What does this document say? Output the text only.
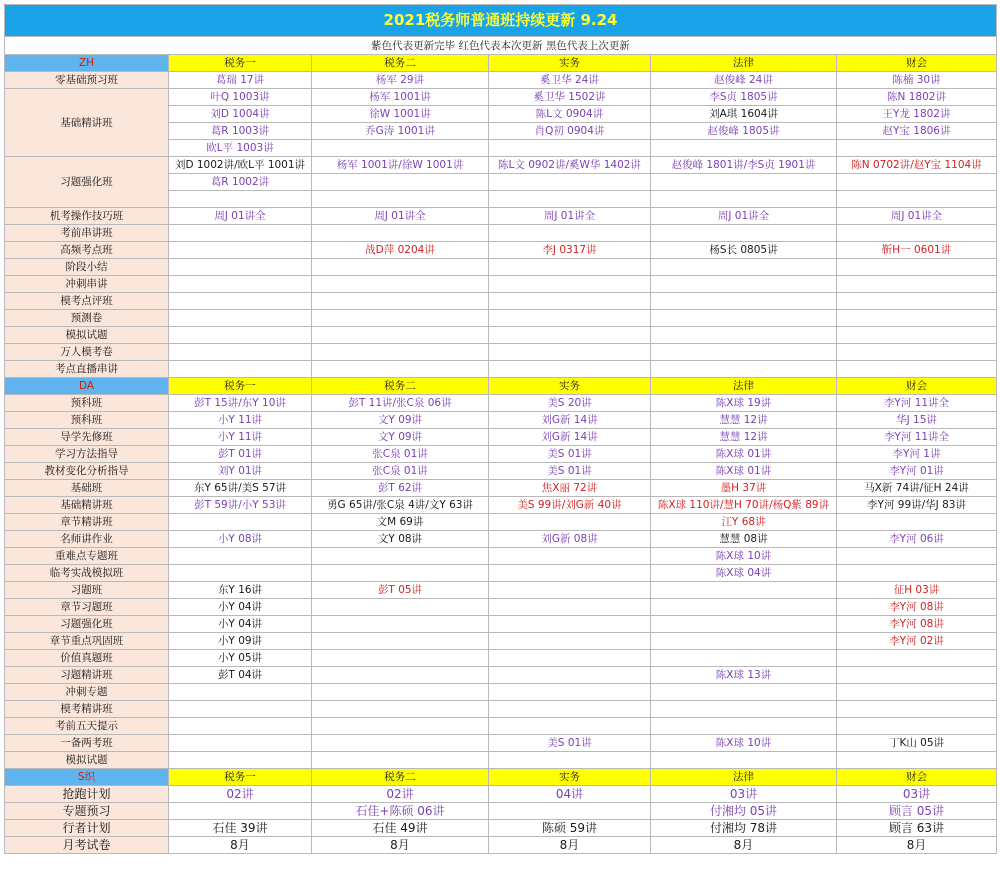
2021税务师普通班持续更新 9.24					
紫色代表更新完毕 红色代表本次更新 黑色代表上次更新					
ZH	税务一	税务二	实务	法律	财会
零基础预习班	葛瑞 17讲	杨军 29讲	奚卫华 24讲	赵俊峰 24讲	陈楠 30讲
基础精讲班	叶Q 1003讲	杨军 1001讲	奚卫华 1502讲	李S贞 1805讲	陈N 1802讲
	刘D 1004讲	徐W 1001讲	陈L文 0904讲	刘A琪 1604讲	王Y龙 1802讲
	葛R 1003讲	乔G涛 1001讲	肖Q初 0904讲	赵俊峰 1805讲	赵Y宝 1806讲
	欧L平 1003讲				
习题强化班	刘D 1002讲/欧L平 1001讲	杨军 1001讲/徐W 1001讲	陈L文 0902讲/奚W华 1402讲	赵俊峰 1801讲/李S贞 1901讲	陈N 0702讲/赵Y宝 1104讲
	葛R 1002讲				

机考操作技巧班	周J 01讲全	周J 01讲全	周J 01讲全	周J 01讲全	周J 01讲全
考前串讲班					
高频考点班		战D萍 0204讲	李J 0317讲	杨S长 0805讲	靳H一 0601讲
阶段小结					
冲刺串讲					
模考点评班					
预测卷					
模拟试题					
万人模考卷					
考点直播串讲					
DA	税务一	税务二	实务	法律	财会
预科班	彭T 15讲/东Y 10讲	彭T 11讲/张C泉 06讲	美S 20讲	陈X球 19讲	李Y河 11讲全
预科班	小Y 11讲	文Y 09讲	刘G新 14讲	慧慧 12讲	华J 15讲
导学先修班	小Y 11讲	文Y 09讲	刘G新 14讲	慧慧 12讲	李Y河 11讲全
学习方法指导	彭T 01讲	张C泉 01讲	美S 01讲	陈X球 01讲	李Y河 1讲
教材变化分析指导	刘Y 01讲	张C泉 01讲	美S 01讲	陈X球 01讲	李Y河 01讲
基础班	东Y 65讲/美S 57讲	彭T 62讲	焦X丽 72讲	墨H 37讲	马X新 74讲/征H 24讲
基础精讲班	彭T 59讲/小Y 53讲	勇G 65讲/张C泉 4讲/文Y 63讲	美S 99讲/刘G新 40讲	陈X球 110讲/慧H 70讲/杨Q紫 89讲	李Y河 99讲/华J 83讲
章节精讲班		文M 69讲		江Y 68讲	
名师讲作业	小Y 08讲	文Y 08讲	刘G新 08讲	慧慧 08讲	李Y河 06讲
重难点专题班				陈X球 10讲	
临考实战模拟班				陈X球 04讲	
习题班	东Y 16讲	彭T 05讲			征H 03讲
章节习题班	小Y 04讲				李Y河 08讲
习题强化班	小Y 04讲				李Y河 08讲
章节重点巩固班	小Y 09讲				李Y河 02讲
价值真题班	小Y 05讲				
习题精讲班	彭T 04讲			陈X球 13讲	
冲刺专题					
模考精讲班					
考前五天提示					
一备两考班			美S 01讲	陈X球 10讲	丁K山 05讲
模拟试题					
S织	税务一	税务二	实务	法律	财会
抢跑计划	02讲	02讲	04讲	03讲	03讲
专题预习		石佳+陈硕 06讲		付湘均 05讲	顾言 05讲
行者计划	石佳 39讲	石佳 49讲	陈硕 59讲	付湘均 78讲	顾言 63讲
月考试卷	8月	8月	8月	8月	8月
